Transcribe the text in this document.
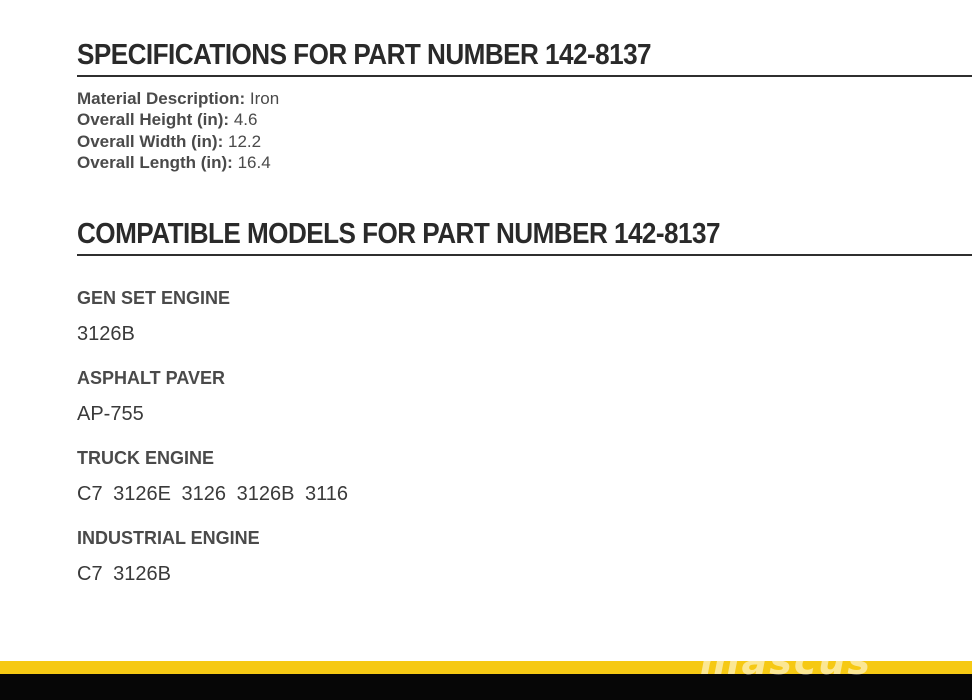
SPECIFICATIONS FOR PART NUMBER 142-8137
Material Description: Iron
Overall Height (in): 4.6
Overall Width (in): 12.2
Overall Length (in): 16.4
COMPATIBLE MODELS FOR PART NUMBER 142-8137
GEN SET ENGINE
3126B
ASPHALT PAVER
AP-755
TRUCK ENGINE
C7 3126E 3126 3126B 3116
INDUSTRIAL ENGINE
C7 3126B
mascus
